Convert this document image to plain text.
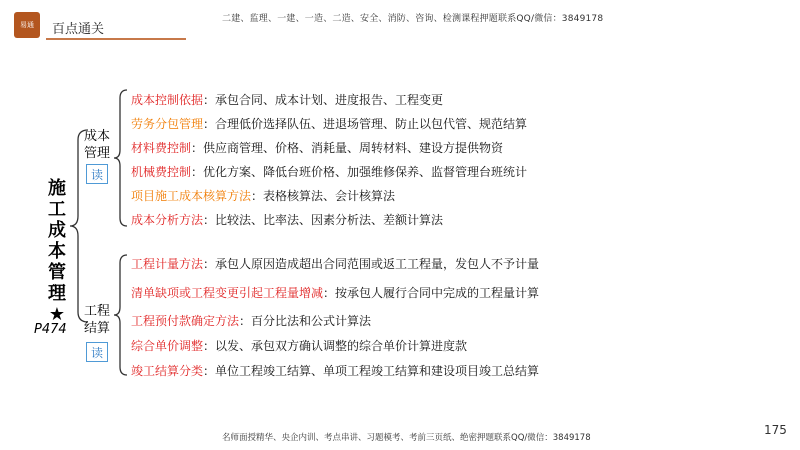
易通	百点通关
二建、监理、一建、一造、二造、安全、消防、咨询、检测课程押题联系QQ/微信：3849178
施工成本管理★
P474
成本管理
读
成本控制依据：承包合同、成本计划、进度报告、工程变更
劳务分包管理：合理低价选择队伍、进退场管理、防止以包代管、规范结算
材料费控制：供应商管理、价格、消耗量、周转材料、建设方提供物资
机械费控制：优化方案、降低台班价格、加强维修保养、监督管理台班统计
项目施工成本核算方法：表格核算法、会计核算法
成本分析方法：比较法、比率法、因素分析法、差额计算法
工程结算
读
工程计量方法：承包人原因造成超出合同范围或返工工程量，发包人不予计量
清单缺项或工程变更引起工程量增减：按承包人履行合同中完成的工程量计算
工程预付款确定方法：百分比法和公式计算法
综合单价调整：以发、承包双方确认调整的综合单价计算进度款
竣工结算分类：单位工程竣工结算、单项工程竣工结算和建设项目竣工总结算
名师面授精华、央企内训、考点串讲、习题模考、考前三页纸、绝密押题联系QQ/微信：3849178
175
